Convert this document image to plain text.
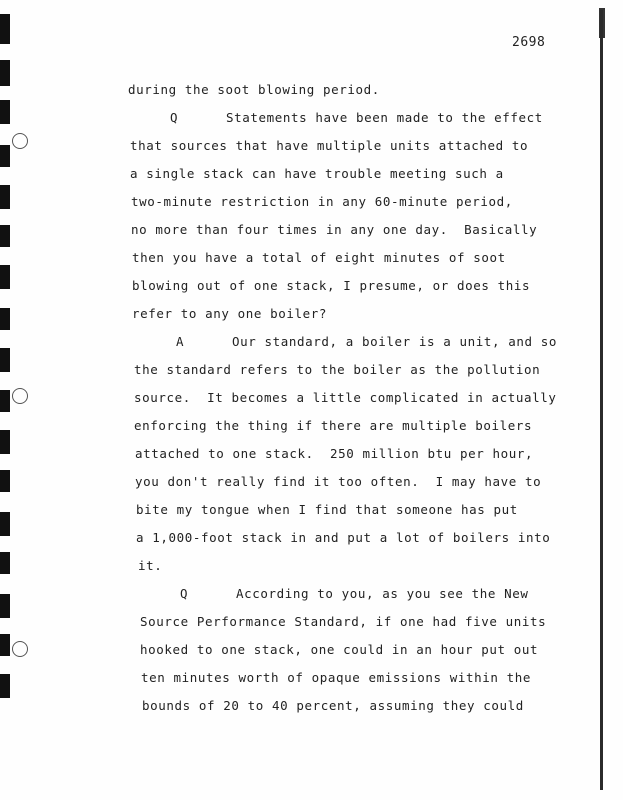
2698
during the soot blowing period.
Q	Statements have been made to the effect
that sources that have multiple units attached to
a single stack can have trouble meeting such a
two-minute restriction in any 60-minute period,
no more than four times in any one day.  Basically
then you have a total of eight minutes of soot
blowing out of one stack, I presume, or does this
refer to any one boiler?
A	Our standard, a boiler is a unit, and so
the standard refers to the boiler as the pollution
source.  It becomes a little complicated in actually
enforcing the thing if there are multiple boilers
attached to one stack.  250 million btu per hour,
you don't really find it too often.  I may have to
bite my tongue when I find that someone has put
a 1,000-foot stack in and put a lot of boilers into
it.
Q	According to you, as you see the New
Source Performance Standard, if one had five units
hooked to one stack, one could in an hour put out
ten minutes worth of opaque emissions within the
bounds of 20 to 40 percent, assuming they could
